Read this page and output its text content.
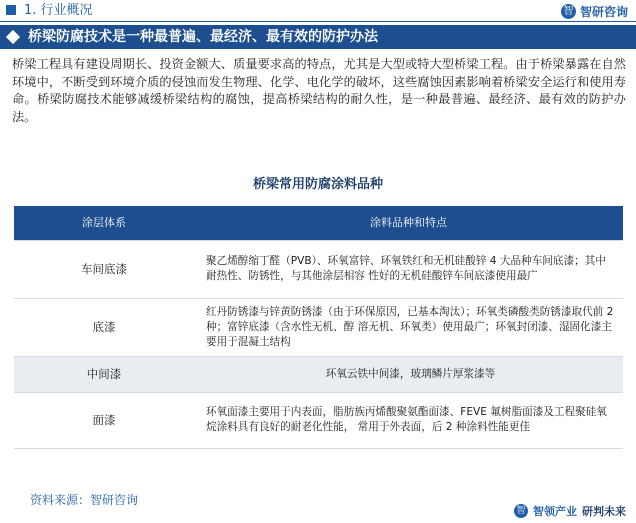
1. 行业概况	智 智研咨询
桥梁防腐技术是一种最普遍、最经济、最有效的防护办法

桥梁工程具有建设周期长、投资金额大、质量要求高的特点，尤其是大型或特大型桥梁工程。由于桥梁暴露在自然环境中，不断受到环境介质的侵蚀而发生物理、化学、电化学的破坏，这些腐蚀因素影响着桥梁安全运行和使用寿命。桥梁防腐技术能够减缓桥梁结构的腐蚀，提高桥梁结构的耐久性，是一种最普遍、最经济、最有效的防护办法。

桥梁常用防腐涂料品种
涂层体系	涂料品种和特点
车间底漆	聚乙烯醇缩丁醛（PVB）、环氧富锌、环氧铁红和无机硅酸锌 4 大品种车间底漆；其中耐热性、防锈性，与其他涂层相容 性好的无机硅酸锌车间底漆使用最广
底漆	红丹防锈漆与锌黄防锈漆（由于环保原因，已基本淘汰）；环氧类磷酸类防锈漆取代前 2 种；富锌底漆（含水性无机、醇 溶无机、环氧类）使用最广；环氧封闭漆、湿固化漆主要用于混凝土结构
中间漆	环氧云铁中间漆，玻璃鳞片厚浆漆等
面漆	环氧面漆主要用于内表面，脂肪族丙烯酸聚氨酯面漆、FEVE 氟树脂面漆及工程聚硅氧烷涂料具有良好的耐老化性能， 常用于外表面，后 2 种涂料性能更佳
资料来源：智研咨询
智 智领产业 研判未来
